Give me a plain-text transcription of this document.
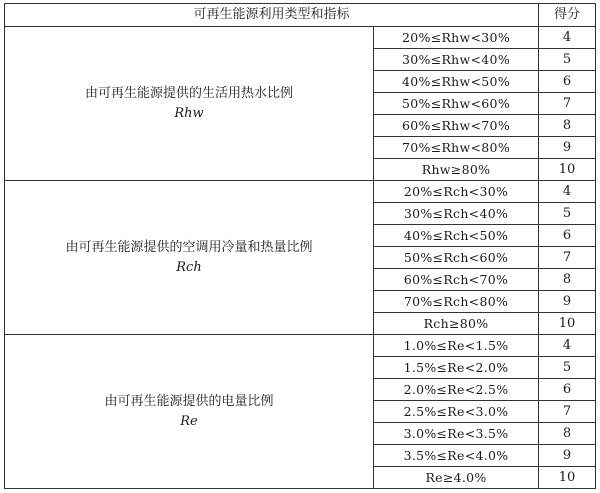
可再生能源利用类型和指标		得分
由可再生能源提供的生活用热水比例
Rhw	20%≤Rhw<30%	4
	30%≤Rhw<40%	5
	40%≤Rhw<50%	6
	50%≤Rhw<60%	7
	60%≤Rhw<70%	8
	70%≤Rhw<80%	9
	Rhw≥80%	10
由可再生能源提供的空调用冷量和热量比例
Rch	20%≤Rch<30%	4
	30%≤Rch<40%	5
	40%≤Rch<50%	6
	50%≤Rch<60%	7
	60%≤Rch<70%	8
	70%≤Rch<80%	9
	Rch≥80%	10
由可再生能源提供的电量比例
Re	1.0%≤Re<1.5%	4
	1.5%≤Re<2.0%	5
	2.0%≤Re<2.5%	6
	2.5%≤Re<3.0%	7
	3.0%≤Re<3.5%	8
	3.5%≤Re<4.0%	9
	Re≥4.0%	10
